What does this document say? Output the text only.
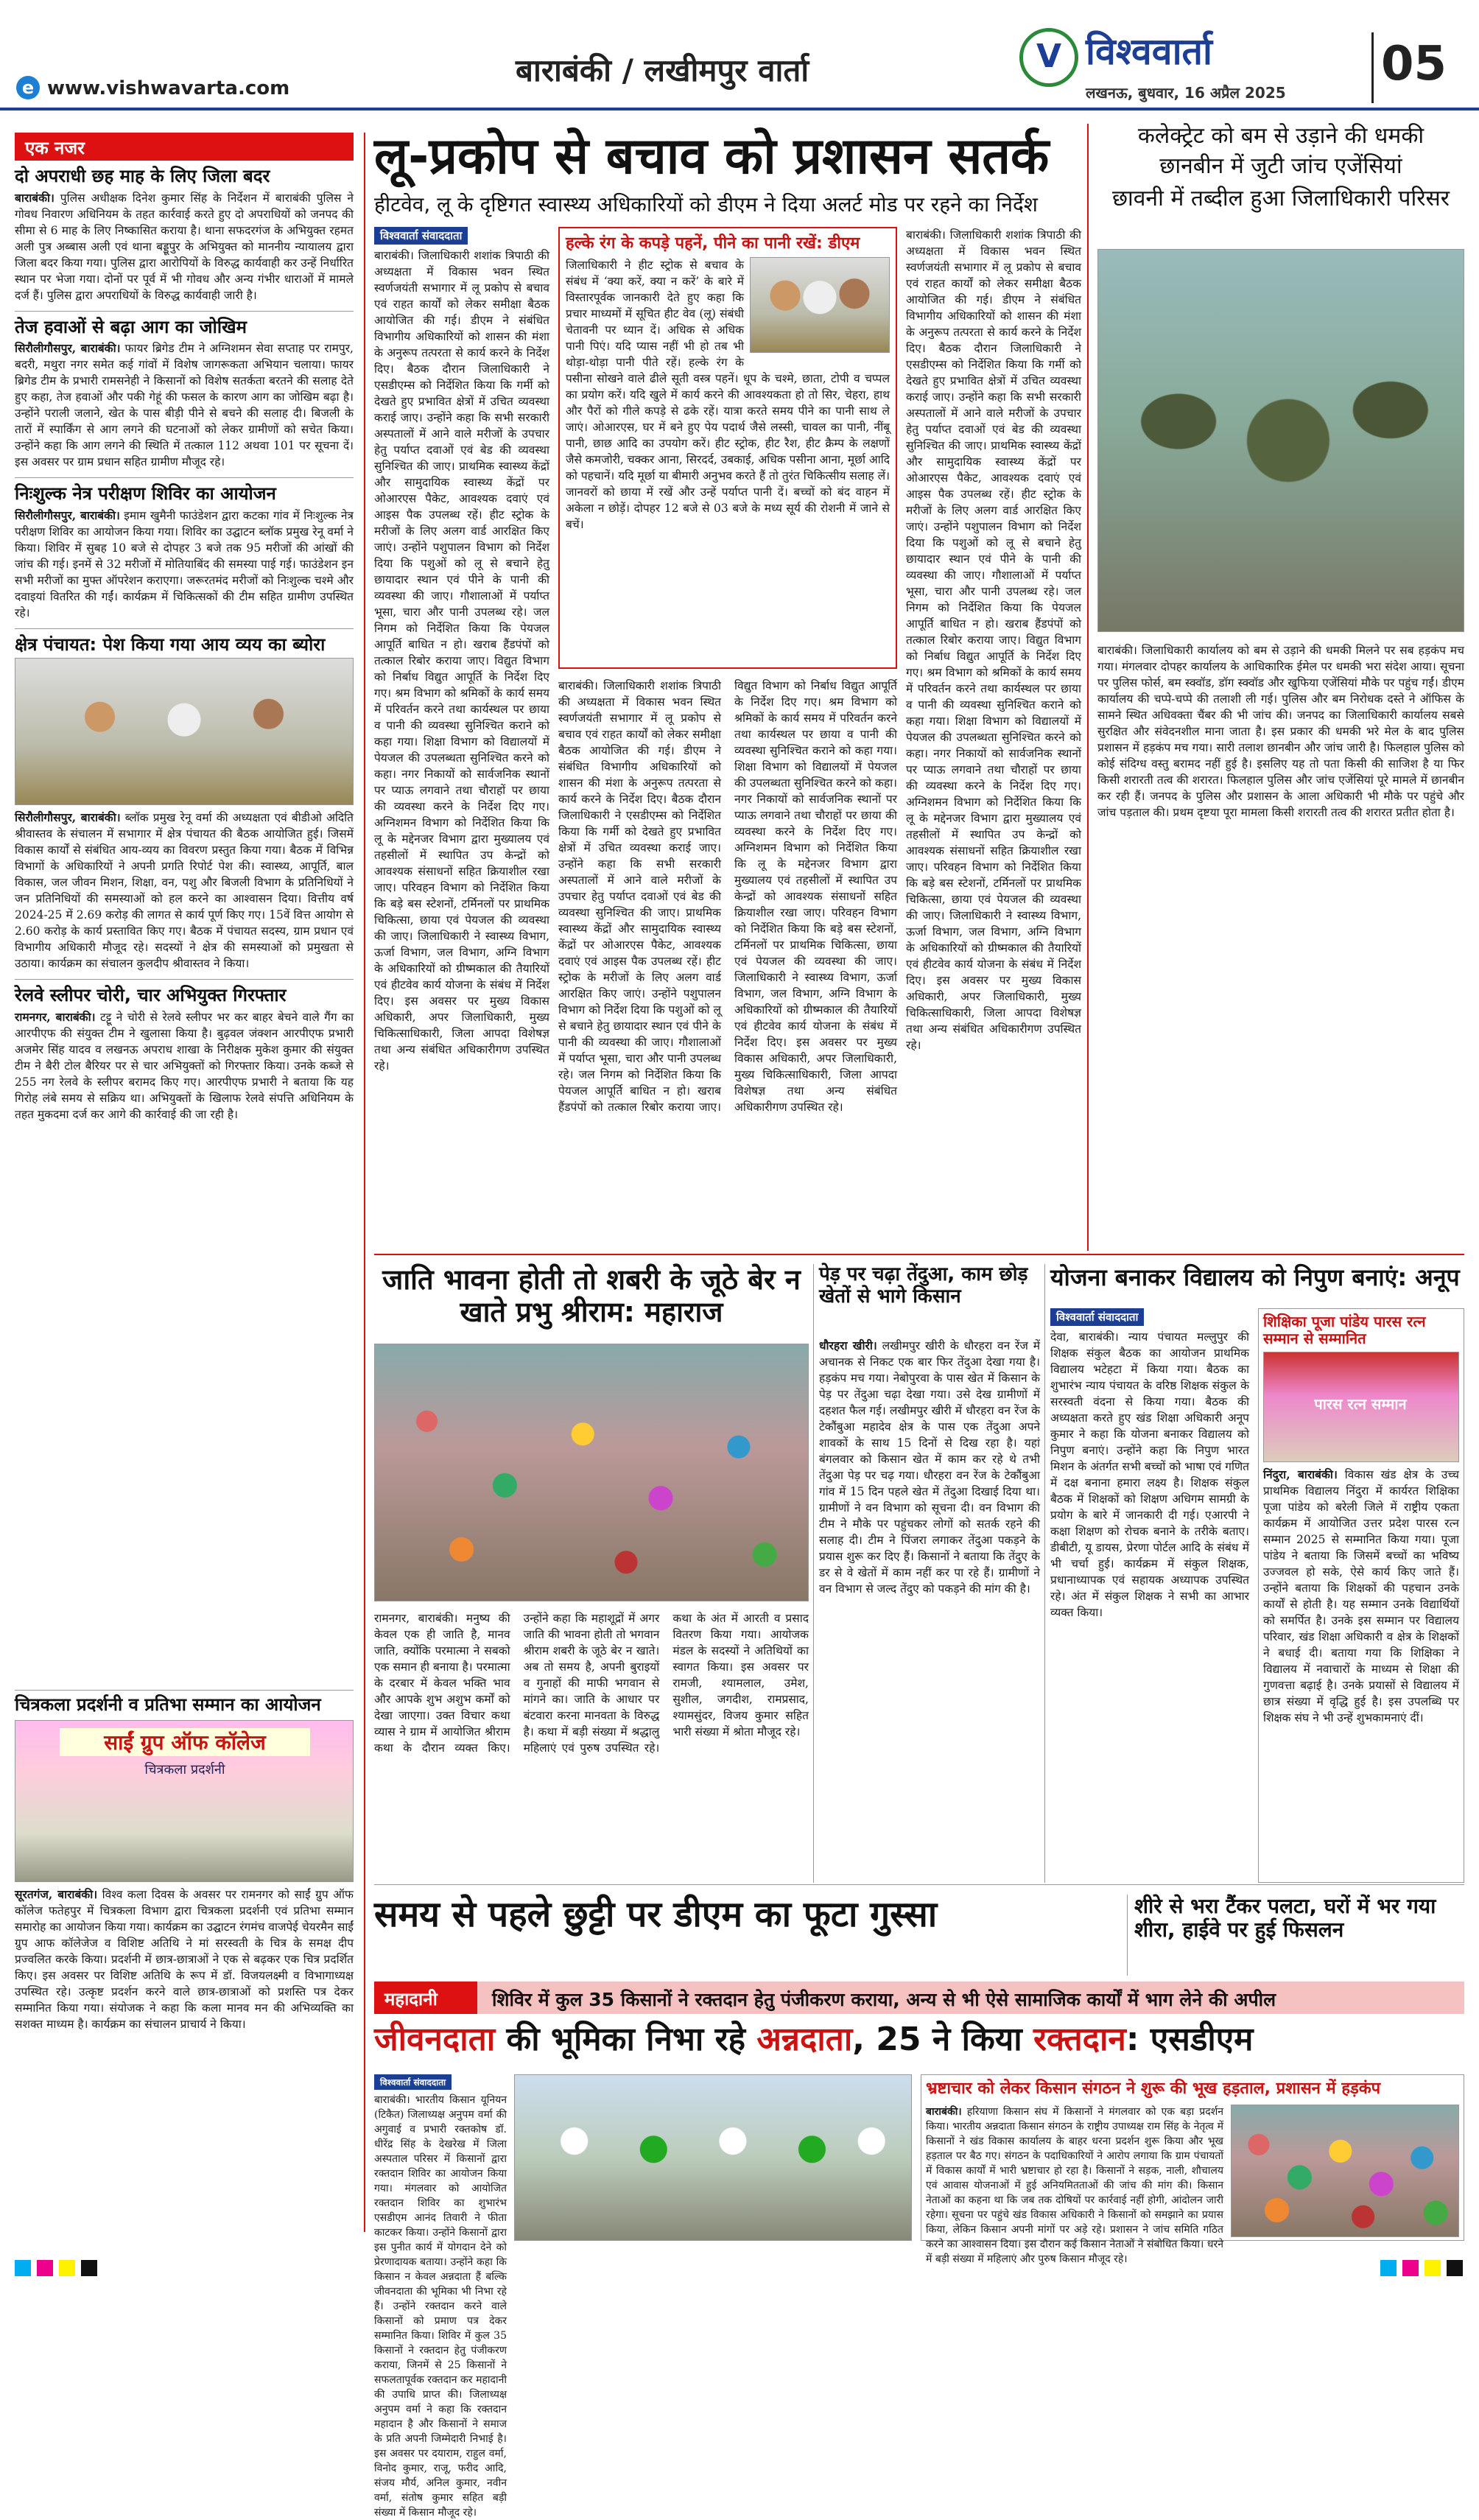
e www.vishwavarta.com	बाराबंकी / लखीमपुर वार्ता	V विश्ववार्ता
लखनऊ, बुधवार, 16 अप्रैल 2025
05
एक नजर
दो अपराधी छह माह के लिए जिला बदर
बाराबंकी। पुलिस अधीक्षक दिनेश कुमार सिंह के निर्देशन में बाराबंकी पुलिस ने गोवध निवारण अधिनियम के तहत कार्रवाई करते हुए दो अपराधियों को जनपद की सीमा से 6 माह के लिए निष्कासित कराया है। थाना सफदरगंज के अभियुक्त रहमत अली पुत्र अब्बास अली एवं थाना बड्डूपुर के अभियुक्त को माननीय न्यायालय द्वारा जिला बदर किया गया। पुलिस द्वारा आरोपियों के विरुद्ध कार्यवाही कर उन्हें निर्धारित स्थान पर भेजा गया। दोनों पर पूर्व में भी गोवध और अन्य गंभीर धाराओं में मामले दर्ज हैं। पुलिस द्वारा अपराधियों के विरुद्ध कार्यवाही जारी है।
तेज हवाओं से बढ़ा आग का जोखिम
सिरौलीगौसपुर, बाराबंकी। फायर ब्रिगेड टीम ने अग्निशमन सेवा सप्ताह पर रामपुर, बदरी, मथुरा नगर समेत कई गांवों में विशेष जागरूकता अभियान चलाया। फायर ब्रिगेड टीम के प्रभारी रामसनेही ने किसानों को विशेष सतर्कता बरतने की सलाह देते हुए कहा, तेज हवाओं और पकी गेहूं की फसल के कारण आग का जोखिम बढ़ा है। उन्होंने पराली जलाने, खेत के पास बीड़ी पीने से बचने की सलाह दी। बिजली के तारों में स्पार्किंग से आग लगने की घटनाओं को लेकर ग्रामीणों को सचेत किया। उन्होंने कहा कि आग लगने की स्थिति में तत्काल 112 अथवा 101 पर सूचना दें। इस अवसर पर ग्राम प्रधान सहित ग्रामीण मौजूद रहे।
निःशुल्क नेत्र परीक्षण शिविर का आयोजन
सिरौलीगौसपुर, बाराबंकी। इमाम खुमैनी फाउंडेशन द्वारा कटका गांव में निःशुल्क नेत्र परीक्षण शिविर का आयोजन किया गया। शिविर का उद्घाटन ब्लॉक प्रमुख रेनू वर्मा ने किया। शिविर में सुबह 10 बजे से दोपहर 3 बजे तक 95 मरीजों की आंखों की जांच की गई। इनमें से 32 मरीजों में मोतियाबिंद की समस्या पाई गई। फाउंडेशन इन सभी मरीजों का मुफ्त ऑपरेशन कराएगा। जरूरतमंद मरीजों को निःशुल्क चश्मे और दवाइयां वितरित की गईं। कार्यक्रम में चिकित्सकों की टीम सहित ग्रामीण उपस्थित रहे।
क्षेत्र पंचायत: पेश किया गया आय व्यय का ब्योरा
सिरौलीगौसपुर, बाराबंकी। ब्लॉक प्रमुख रेनू वर्मा की अध्यक्षता एवं बीडीओ अदिति श्रीवास्तव के संचालन में सभागार में क्षेत्र पंचायत की बैठक आयोजित हुई। जिसमें विकास कार्यों से संबंधित आय-व्यय का विवरण प्रस्तुत किया गया। बैठक में विभिन्न विभागों के अधिकारियों ने अपनी प्रगति रिपोर्ट पेश की। स्वास्थ्य, आपूर्ति, बाल विकास, जल जीवन मिशन, शिक्षा, वन, पशु और बिजली विभाग के प्रतिनिधियों ने जन प्रतिनिधियों की समस्याओं को हल करने का आश्वासन दिया। वित्तीय वर्ष 2024-25 में 2.69 करोड़ की लागत से कार्य पूर्ण किए गए। 15वें वित्त आयोग से 2.60 करोड़ के कार्य प्रस्तावित किए गए। बैठक में पंचायत सदस्य, ग्राम प्रधान एवं विभागीय अधिकारी मौजूद रहे। सदस्यों ने क्षेत्र की समस्याओं को प्रमुखता से उठाया। कार्यक्रम का संचालन कुलदीप श्रीवास्तव ने किया।
रेलवे स्लीपर चोरी, चार अभियुक्त गिरफ्तार
रामनगर, बाराबंकी। टट्टू ने चोरी से रेलवे स्लीपर भर कर बाहर बेचने वाले गैंग का आरपीएफ की संयुक्त टीम ने खुलासा किया है। बुढ़वल जंक्शन आरपीएफ प्रभारी अजमेर सिंह यादव व लखनऊ अपराध शाखा के निरीक्षक मुकेश कुमार की संयुक्त टीम ने बैरी टोल बैरियर पर से चार अभियुक्तों को गिरफ्तार किया। उनके कब्जे से 255 नग रेलवे के स्लीपर बरामद किए गए। आरपीएफ प्रभारी ने बताया कि यह गिरोह लंबे समय से सक्रिय था। अभियुक्तों के खिलाफ रेलवे संपत्ति अधिनियम के तहत मुकदमा दर्ज कर आगे की कार्रवाई की जा रही है।
चित्रकला प्रदर्शनी व प्रतिभा सम्मान का आयोजन
साईं ग्रुप ऑफ कॉलेज
चित्रकला प्रदर्शनी
सूरतगंज, बाराबंकी। विश्व कला दिवस के अवसर पर रामनगर को साईं ग्रुप ऑफ कॉलेज फतेहपुर में चित्रकला विभाग द्वारा चित्रकला प्रदर्शनी एवं प्रतिभा सम्मान समारोह का आयोजन किया गया। कार्यक्रम का उद्घाटन रंगमंच वाजपेई चेयरमैन साईं ग्रुप आफ कॉलेजेज व विशिष्ट अतिथि ने मां सरस्वती के चित्र के समक्ष दीप प्रज्वलित करके किया। प्रदर्शनी में छात्र-छात्राओं ने एक से बढ़कर एक चित्र प्रदर्शित किए। इस अवसर पर विशिष्ट अतिथि के रूप में डॉ. विजयलक्ष्मी व विभागाध्यक्ष उपस्थित रहे। उत्कृष्ट प्रदर्शन करने वाले छात्र-छात्राओं को प्रशस्ति पत्र देकर सम्मानित किया गया। संयोजक ने कहा कि कला मानव मन की अभिव्यक्ति का सशक्त माध्यम है। कार्यक्रम का संचालन प्राचार्य ने किया।
लू-प्रकोप से बचाव को प्रशासन सतर्क
हीटवेव, लू के दृष्टिगत स्वास्थ्य अधिकारियों को डीएम ने दिया अलर्ट मोड पर रहने का निर्देश
हल्के रंग के कपड़े पहनें, पीने का पानी रखें: डीएम
जिलाधिकारी ने हीट स्ट्रोक से बचाव के संबंध में ‘क्या करें, क्या न करें’ के बारे में विस्तारपूर्वक जानकारी देते हुए कहा कि प्रचार माध्यमों में सूचित हीट वेव (लू) संबंधी चेतावनी पर ध्यान दें। अधिक से अधिक पानी पिएं। यदि प्यास नहीं भी हो तब भी थोड़ा-थोड़ा पानी पीते रहें। हल्के रंग के पसीना सोखने वाले ढीले सूती वस्त्र पहनें। धूप के चश्मे, छाता, टोपी व चप्पल का प्रयोग करें। यदि खुले में कार्य करने की आवश्यकता हो तो सिर, चेहरा, हाथ और पैरों को गीले कपड़े से ढके रहें। यात्रा करते समय पीने का पानी साथ ले जाएं। ओआरएस, घर में बने हुए पेय पदार्थ जैसे लस्सी, चावल का पानी, नींबू पानी, छाछ आदि का उपयोग करें। हीट स्ट्रोक, हीट रैश, हीट क्रैम्प के लक्षणों जैसे कमजोरी, चक्कर आना, सिरदर्द, उबकाई, अधिक पसीना आना, मूर्छा आदि को पहचानें। यदि मूर्छा या बीमारी अनुभव करते हैं तो तुरंत चिकित्सीय सलाह लें। जानवरों को छाया में रखें और उन्हें पर्याप्त पानी दें। बच्चों को बंद वाहन में अकेला न छोड़ें। दोपहर 12 बजे से 03 बजे के मध्य सूर्य की रोशनी में जाने से बचें।
विश्ववार्ता संवाददाता
बाराबंकी। जिलाधिकारी शशांक त्रिपाठी की अध्यक्षता में विकास भवन स्थित स्वर्णजयंती सभागार में लू प्रकोप से बचाव एवं राहत कार्यों को लेकर समीक्षा बैठक आयोजित की गई। डीएम ने संबंधित विभागीय अधिकारियों को शासन की मंशा के अनुरूप तत्परता से कार्य करने के निर्देश दिए। बैठक दौरान जिलाधिकारी ने एसडीएम्स को निर्देशित किया कि गर्मी को देखते हुए प्रभावित क्षेत्रों में उचित व्यवस्था कराई जाए। उन्होंने कहा कि सभी सरकारी अस्पतालों में आने वाले मरीजों के उपचार हेतु पर्याप्त दवाओं एवं बेड की व्यवस्था सुनिश्चित की जाए। प्राथमिक स्वास्थ्य केंद्रों और सामुदायिक स्वास्थ्य केंद्रों पर ओआरएस पैकेट, आवश्यक दवाएं एवं आइस पैक उपलब्ध रहें। हीट स्ट्रोक के मरीजों के लिए अलग वार्ड आरक्षित किए जाएं। उन्होंने पशुपालन विभाग को निर्देश दिया कि पशुओं को लू से बचाने हेतु छायादार स्थान एवं पीने के पानी की व्यवस्था की जाए। गौशालाओं में पर्याप्त भूसा, चारा और पानी उपलब्ध रहे। जल निगम को निर्देशित किया कि पेयजल आपूर्ति बाधित न हो। खराब हैंडपंपों को तत्काल रिबोर कराया जाए। विद्युत विभाग को निर्बाध विद्युत आपूर्ति के निर्देश दिए गए। श्रम विभाग को श्रमिकों के कार्य समय में परिवर्तन करने तथा कार्यस्थल पर छाया व पानी की व्यवस्था सुनिश्चित कराने को कहा गया। शिक्षा विभाग को विद्यालयों में पेयजल की उपलब्धता सुनिश्चित करने को कहा। नगर निकायों को सार्वजनिक स्थानों पर प्याऊ लगवाने तथा चौराहों पर छाया की व्यवस्था करने के निर्देश दिए गए। अग्निशमन विभाग को निर्देशित किया कि लू के मद्देनजर विभाग द्वारा मुख्यालय एवं तहसीलों में स्थापित उप केन्द्रों को आवश्यक संसाधनों सहित क्रियाशील रखा जाए। परिवहन विभाग को निर्देशित किया कि बड़े बस स्टेशनों, टर्मिनलों पर प्राथमिक चिकित्सा, छाया एवं पेयजल की व्यवस्था की जाए। जिलाधिकारी ने स्वास्थ्य विभाग, ऊर्जा विभाग, जल विभाग, अग्नि विभाग के अधिकारियों को ग्रीष्मकाल की तैयारियों एवं हीटवेव कार्य योजना के संबंध में निर्देश दिए। इस अवसर पर मुख्य विकास अधिकारी, अपर जिलाधिकारी, मुख्य चिकित्साधिकारी, जिला आपदा विशेषज्ञ तथा अन्य संबंधित अधिकारीगण उपस्थित रहे।
बाराबंकी। जिलाधिकारी शशांक त्रिपाठी की अध्यक्षता में विकास भवन स्थित स्वर्णजयंती सभागार में लू प्रकोप से बचाव एवं राहत कार्यों को लेकर समीक्षा बैठक आयोजित की गई। डीएम ने संबंधित विभागीय अधिकारियों को शासन की मंशा के अनुरूप तत्परता से कार्य करने के निर्देश दिए। बैठक दौरान जिलाधिकारी ने एसडीएम्स को निर्देशित किया कि गर्मी को देखते हुए प्रभावित क्षेत्रों में उचित व्यवस्था कराई जाए। उन्होंने कहा कि सभी सरकारी अस्पतालों में आने वाले मरीजों के उपचार हेतु पर्याप्त दवाओं एवं बेड की व्यवस्था सुनिश्चित की जाए। प्राथमिक स्वास्थ्य केंद्रों और सामुदायिक स्वास्थ्य केंद्रों पर ओआरएस पैकेट, आवश्यक दवाएं एवं आइस पैक उपलब्ध रहें। हीट स्ट्रोक के मरीजों के लिए अलग वार्ड आरक्षित किए जाएं। उन्होंने पशुपालन विभाग को निर्देश दिया कि पशुओं को लू से बचाने हेतु छायादार स्थान एवं पीने के पानी की व्यवस्था की जाए। गौशालाओं में पर्याप्त भूसा, चारा और पानी उपलब्ध रहे। जल निगम को निर्देशित किया कि पेयजल आपूर्ति बाधित न हो। खराब हैंडपंपों को तत्काल रिबोर कराया जाए। विद्युत विभाग को निर्बाध विद्युत आपूर्ति के निर्देश दिए गए। श्रम विभाग को श्रमिकों के कार्य समय में परिवर्तन करने तथा कार्यस्थल पर छाया व पानी की व्यवस्था सुनिश्चित कराने को कहा गया। शिक्षा विभाग को विद्यालयों में पेयजल की उपलब्धता सुनिश्चित करने को कहा। नगर निकायों को सार्वजनिक स्थानों पर प्याऊ लगवाने तथा चौराहों पर छाया की व्यवस्था करने के निर्देश दिए गए। अग्निशमन विभाग को निर्देशित किया कि लू के मद्देनजर विभाग द्वारा मुख्यालय एवं तहसीलों में स्थापित उप केन्द्रों को आवश्यक संसाधनों सहित क्रियाशील रखा जाए। परिवहन विभाग को निर्देशित किया कि बड़े बस स्टेशनों, टर्मिनलों पर प्राथमिक चिकित्सा, छाया एवं पेयजल की व्यवस्था की जाए। जिलाधिकारी ने स्वास्थ्य विभाग, ऊर्जा विभाग, जल विभाग, अग्नि विभाग के अधिकारियों को ग्रीष्मकाल की तैयारियों एवं हीटवेव कार्य योजना के संबंध में निर्देश दिए। इस अवसर पर मुख्य विकास अधिकारी, अपर जिलाधिकारी, मुख्य चिकित्साधिकारी, जिला आपदा विशेषज्ञ तथा अन्य संबंधित अधिकारीगण उपस्थित रहे।
बाराबंकी। जिलाधिकारी शशांक त्रिपाठी की अध्यक्षता में विकास भवन स्थित स्वर्णजयंती सभागार में लू प्रकोप से बचाव एवं राहत कार्यों को लेकर समीक्षा बैठक आयोजित की गई। डीएम ने संबंधित विभागीय अधिकारियों को शासन की मंशा के अनुरूप तत्परता से कार्य करने के निर्देश दिए। बैठक दौरान जिलाधिकारी ने एसडीएम्स को निर्देशित किया कि गर्मी को देखते हुए प्रभावित क्षेत्रों में उचित व्यवस्था कराई जाए। उन्होंने कहा कि सभी सरकारी अस्पतालों में आने वाले मरीजों के उपचार हेतु पर्याप्त दवाओं एवं बेड की व्यवस्था सुनिश्चित की जाए। प्राथमिक स्वास्थ्य केंद्रों और सामुदायिक स्वास्थ्य केंद्रों पर ओआरएस पैकेट, आवश्यक दवाएं एवं आइस पैक उपलब्ध रहें। हीट स्ट्रोक के मरीजों के लिए अलग वार्ड आरक्षित किए जाएं। उन्होंने पशुपालन विभाग को निर्देश दिया कि पशुओं को लू से बचाने हेतु छायादार स्थान एवं पीने के पानी की व्यवस्था की जाए। गौशालाओं में पर्याप्त भूसा, चारा और पानी उपलब्ध रहे। जल निगम को निर्देशित किया कि पेयजल आपूर्ति बाधित न हो। खराब हैंडपंपों को तत्काल रिबोर कराया जाए। विद्युत विभाग को निर्बाध विद्युत आपूर्ति के निर्देश दिए गए। श्रम विभाग को श्रमिकों के कार्य समय में परिवर्तन करने तथा कार्यस्थल पर छाया व पानी की व्यवस्था सुनिश्चित कराने को कहा गया। शिक्षा विभाग को विद्यालयों में पेयजल की उपलब्धता सुनिश्चित करने को कहा। नगर निकायों को सार्वजनिक स्थानों पर प्याऊ लगवाने तथा चौराहों पर छाया की व्यवस्था करने के निर्देश दिए गए। अग्निशमन विभाग को निर्देशित किया कि लू के मद्देनजर विभाग द्वारा मुख्यालय एवं तहसीलों में स्थापित उप केन्द्रों को आवश्यक संसाधनों सहित क्रियाशील रखा जाए। परिवहन विभाग को निर्देशित किया कि बड़े बस स्टेशनों, टर्मिनलों पर प्राथमिक चिकित्सा, छाया एवं पेयजल की व्यवस्था की जाए। जिलाधिकारी ने स्वास्थ्य विभाग, ऊर्जा विभाग, जल विभाग, अग्नि विभाग के अधिकारियों को ग्रीष्मकाल की तैयारियों एवं हीटवेव कार्य योजना के संबंध में निर्देश दिए। इस अवसर पर मुख्य विकास अधिकारी, अपर जिलाधिकारी, मुख्य चिकित्साधिकारी, जिला आपदा विशेषज्ञ तथा अन्य संबंधित अधिकारीगण उपस्थित रहे।
कलेक्ट्रेट को बम से उड़ाने की धमकी
छानबीन में जुटी जांच एजेंसियां
छावनी में तब्दील हुआ जिलाधिकारी परिसर
बाराबंकी। जिलाधिकारी कार्यालय को बम से उड़ाने की धमकी मिलने पर सब हड़कंप मच गया। मंगलवार दोपहर कार्यालय के आधिकारिक ईमेल पर धमकी भरा संदेश आया। सूचना पर पुलिस फोर्स, बम स्क्वॉड, डॉग स्क्वॉड और खुफिया एजेंसियां मौके पर पहुंच गईं। डीएम कार्यालय की चप्पे-चप्पे की तलाशी ली गई। पुलिस और बम निरोधक दस्ते ने ऑफिस के सामने स्थित अधिवक्ता चैंबर की भी जांच की। जनपद का जिलाधिकारी कार्यालय सबसे सुरक्षित और संवेदनशील माना जाता है। इस प्रकार की धमकी भरे मेल के बाद पुलिस प्रशासन में हड़कंप मच गया। सारी तलाश छानबीन और जांच जारी है। फिलहाल पुलिस को कोई संदिग्ध वस्तु बरामद नहीं हुई है। इसलिए यह तो पता किसी की साजिश है या फिर किसी शरारती तत्व की शरारत। फिलहाल पुलिस और जांच एजेंसियां पूरे मामले में छानबीन कर रही हैं। जनपद के पुलिस और प्रशासन के आला अधिकारी भी मौके पर पहुंचे और जांच पड़ताल की। प्रथम दृष्टया पूरा मामला किसी शरारती तत्व की शरारत प्रतीत होता है।
जाति भावना होती तो शबरी के जूठे बेर न खाते प्रभु श्रीराम: महाराज
रामनगर, बाराबंकी। मनुष्य की केवल एक ही जाति है, मानव जाति, क्योंकि परमात्मा ने सबको एक समान ही बनाया है। परमात्मा के दरबार में केवल भक्ति भाव और आपके शुभ अशुभ कर्मों को देखा जाएगा। उक्त विचार कथा व्यास ने ग्राम में आयोजित श्रीराम कथा के दौरान व्यक्त किए। उन्होंने कहा कि महाशूद्रों में अगर जाति की भावना होती तो भगवान श्रीराम शबरी के जूठे बेर न खाते। अब तो समय है, अपनी बुराइयों व गुनाहों की माफी भगवान से मांगने का। जाति के आधार पर बंटवारा करना मानवता के विरुद्ध है। कथा में बड़ी संख्या में श्रद्धालु महिलाएं एवं पुरुष उपस्थित रहे। कथा के अंत में आरती व प्रसाद वितरण किया गया। आयोजक मंडल के सदस्यों ने अतिथियों का स्वागत किया। इस अवसर पर रामजी, श्यामलाल, उमेश, सुशील, जगदीश, रामप्रसाद, श्यामसुंदर, विजय कुमार सहित भारी संख्या में श्रोता मौजूद रहे।
पेड़ पर चढ़ा तेंदुआ, काम छोड़ खेतों से भागे किसान
धौरहरा खीरी। लखीमपुर खीरी के धौरहरा वन रेंज में अचानक से निकट एक बार फिर तेंदुआ देखा गया है। हड़कंप मच गया। नेबोपुरवा के पास खेत में किसान के पेड़ पर तेंदुआ चढ़ा देखा गया। उसे देख ग्रामीणों में दहशत फैल गई। लखीमपुर खीरी में धौरहरा वन रेंज के टेकौंबुआ महादेव क्षेत्र के पास एक तेंदुआ अपने शावकों के साथ 15 दिनों से दिख रहा है। यहां बंगलवार को किसान खेत में काम कर रहे थे तभी तेंदुआ पेड़ पर चढ़ गया। धौरहरा वन रेंज के टेकौंबुआ गांव में 15 दिन पहले खेत में तेंदुआ दिखाई दिया था। ग्रामीणों ने वन विभाग को सूचना दी। वन विभाग की टीम ने मौके पर पहुंचकर लोगों को सतर्क रहने की सलाह दी। टीम ने पिंजरा लगाकर तेंदुआ पकड़ने के प्रयास शुरू कर दिए हैं। किसानों ने बताया कि तेंदुए के डर से वे खेतों में काम नहीं कर पा रहे हैं। ग्रामीणों ने वन विभाग से जल्द तेंदुए को पकड़ने की मांग की है।
योजना बनाकर विद्यालय को निपुण बनाएं: अनूप
विश्ववार्ता संवाददाता
देवा, बाराबंकी। न्याय पंचायत मल्लुपुर की शिक्षक संकुल बैठक का आयोजन प्राथमिक विद्यालय भटेहटा में किया गया। बैठक का शुभारंभ न्याय पंचायत के वरिष्ठ शिक्षक संकुल के सरस्वती वंदना से किया गया। बैठक की अध्यक्षता करते हुए खंड शिक्षा अधिकारी अनूप कुमार ने कहा कि योजना बनाकर विद्यालय को निपुण बनाएं। उन्होंने कहा कि निपुण भारत मिशन के अंतर्गत सभी बच्चों को भाषा एवं गणित में दक्ष बनाना हमारा लक्ष्य है। शिक्षक संकुल बैठक में शिक्षकों को शिक्षण अधिगम सामग्री के प्रयोग के बारे में जानकारी दी गई। एआरपी ने कक्षा शिक्षण को रोचक बनाने के तरीके बताए। डीबीटी, यू डायस, प्रेरणा पोर्टल आदि के संबंध में भी चर्चा हुई। कार्यक्रम में संकुल शिक्षक, प्रधानाध्यापक एवं सहायक अध्यापक उपस्थित रहे। अंत में संकुल शिक्षक ने सभी का आभार व्यक्त किया।
शिक्षिका पूजा पांडेय पारस रत्न सम्मान से सम्मानित
पारस रत्न सम्मान
निंदुरा, बाराबंकी। विकास खंड क्षेत्र के उच्च प्राथमिक विद्यालय निंदुरा में कार्यरत शिक्षिका पूजा पांडेय को बरेली जिले में राष्ट्रीय एकता कार्यक्रम में आयोजित उत्तर प्रदेश पारस रत्न सम्मान 2025 से सम्मानित किया गया। पूजा पांडेय ने बताया कि जिसमें बच्चों का भविष्य उज्जवल हो सके, ऐसे कार्य किए जाते हैं। उन्होंने बताया कि शिक्षकों की पहचान उनके कार्यों से होती है। यह सम्मान उनके विद्यार्थियों को समर्पित है। उनके इस सम्मान पर विद्यालय परिवार, खंड शिक्षा अधिकारी व क्षेत्र के शिक्षकों ने बधाई दी। बताया गया कि शिक्षिका ने विद्यालय में नवाचारों के माध्यम से शिक्षा की गुणवत्ता बढ़ाई है। उनके प्रयासों से विद्यालय में छात्र संख्या में वृद्धि हुई है। इस उपलब्धि पर शिक्षक संघ ने भी उन्हें शुभकामनाएं दीं।
समय से पहले छुट्टी पर डीएम का फूटा गुस्सा	शीरे से भरा टैंकर पलटा, घरों में भर गया शीरा, हाईवे पर हुई फिसलन
महादानी	शिविर में कुल 35 किसानों ने रक्तदान हेतु पंजीकरण कराया, अन्य से भी ऐसे सामाजिक कार्यों में भाग लेने की अपील
जीवनदाता की भूमिका निभा रहे अन्नदाता, 25 ने किया रक्तदान: एसडीएम
विश्ववार्ता संवाददाता
बाराबंकी। भारतीय किसान यूनियन (टिकैत) जिलाध्यक्ष अनुपम वर्मा की अगुवाई व प्रभारी रक्तकोष डॉ. धीरेंद्र सिंह के देखरेख में जिला अस्पताल परिसर में किसानों द्वारा रक्तदान शिविर का आयोजन किया गया। मंगलवार को आयोजित रक्तदान शिविर का शुभारंभ एसडीएम आनंद तिवारी ने फीता काटकर किया। उन्होंने किसानों द्वारा इस पुनीत कार्य में योगदान देने को प्रेरणादायक बताया। उन्होंने कहा कि किसान न केवल अन्नदाता हैं बल्कि जीवनदाता की भूमिका भी निभा रहे हैं। उन्होंने रक्तदान करने वाले किसानों को प्रमाण पत्र देकर सम्मानित किया। शिविर में कुल 35 किसानों ने रक्तदान हेतु पंजीकरण कराया, जिनमें से 25 किसानों ने सफलतापूर्वक रक्तदान कर महादानी की उपाधि प्राप्त की। जिलाध्यक्ष अनुपम वर्मा ने कहा कि रक्तदान महादान है और किसानों ने समाज के प्रति अपनी जिम्मेदारी निभाई है। इस अवसर पर दयाराम, राहुल वर्मा, विनोद कुमार, राजू, फरीद आदि, संजय मौर्य, अनिल कुमार, नवीन वर्मा, संतोष कुमार सहित बड़ी संख्या में किसान मौजूद रहे।
भ्रष्टाचार को लेकर किसान संगठन ने शुरू की भूख हड़ताल, प्रशासन में हड़कंप
बाराबंकी। हरियाणा किसान संघ में किसानों ने मंगलवार को एक बड़ा प्रदर्शन किया। भारतीय अन्नदाता किसान संगठन के राष्ट्रीय उपाध्यक्ष राम सिंह के नेतृत्व में किसानों ने खंड विकास कार्यालय के बाहर धरना प्रदर्शन शुरू किया और भूख हड़ताल पर बैठ गए। संगठन के पदाधिकारियों ने आरोप लगाया कि ग्राम पंचायतों में विकास कार्यों में भारी भ्रष्टाचार हो रहा है। किसानों ने सड़क, नाली, शौचालय एवं आवास योजनाओं में हुई अनियमितताओं की जांच की मांग की। किसान नेताओं का कहना था कि जब तक दोषियों पर कार्रवाई नहीं होगी, आंदोलन जारी रहेगा। सूचना पर पहुंचे खंड विकास अधिकारी ने किसानों को समझाने का प्रयास किया, लेकिन किसान अपनी मांगों पर अड़े रहे। प्रशासन ने जांच समिति गठित करने का आश्वासन दिया। इस दौरान कई किसान नेताओं ने संबोधित किया। धरने में बड़ी संख्या में महिलाएं और पुरुष किसान मौजूद रहे।
